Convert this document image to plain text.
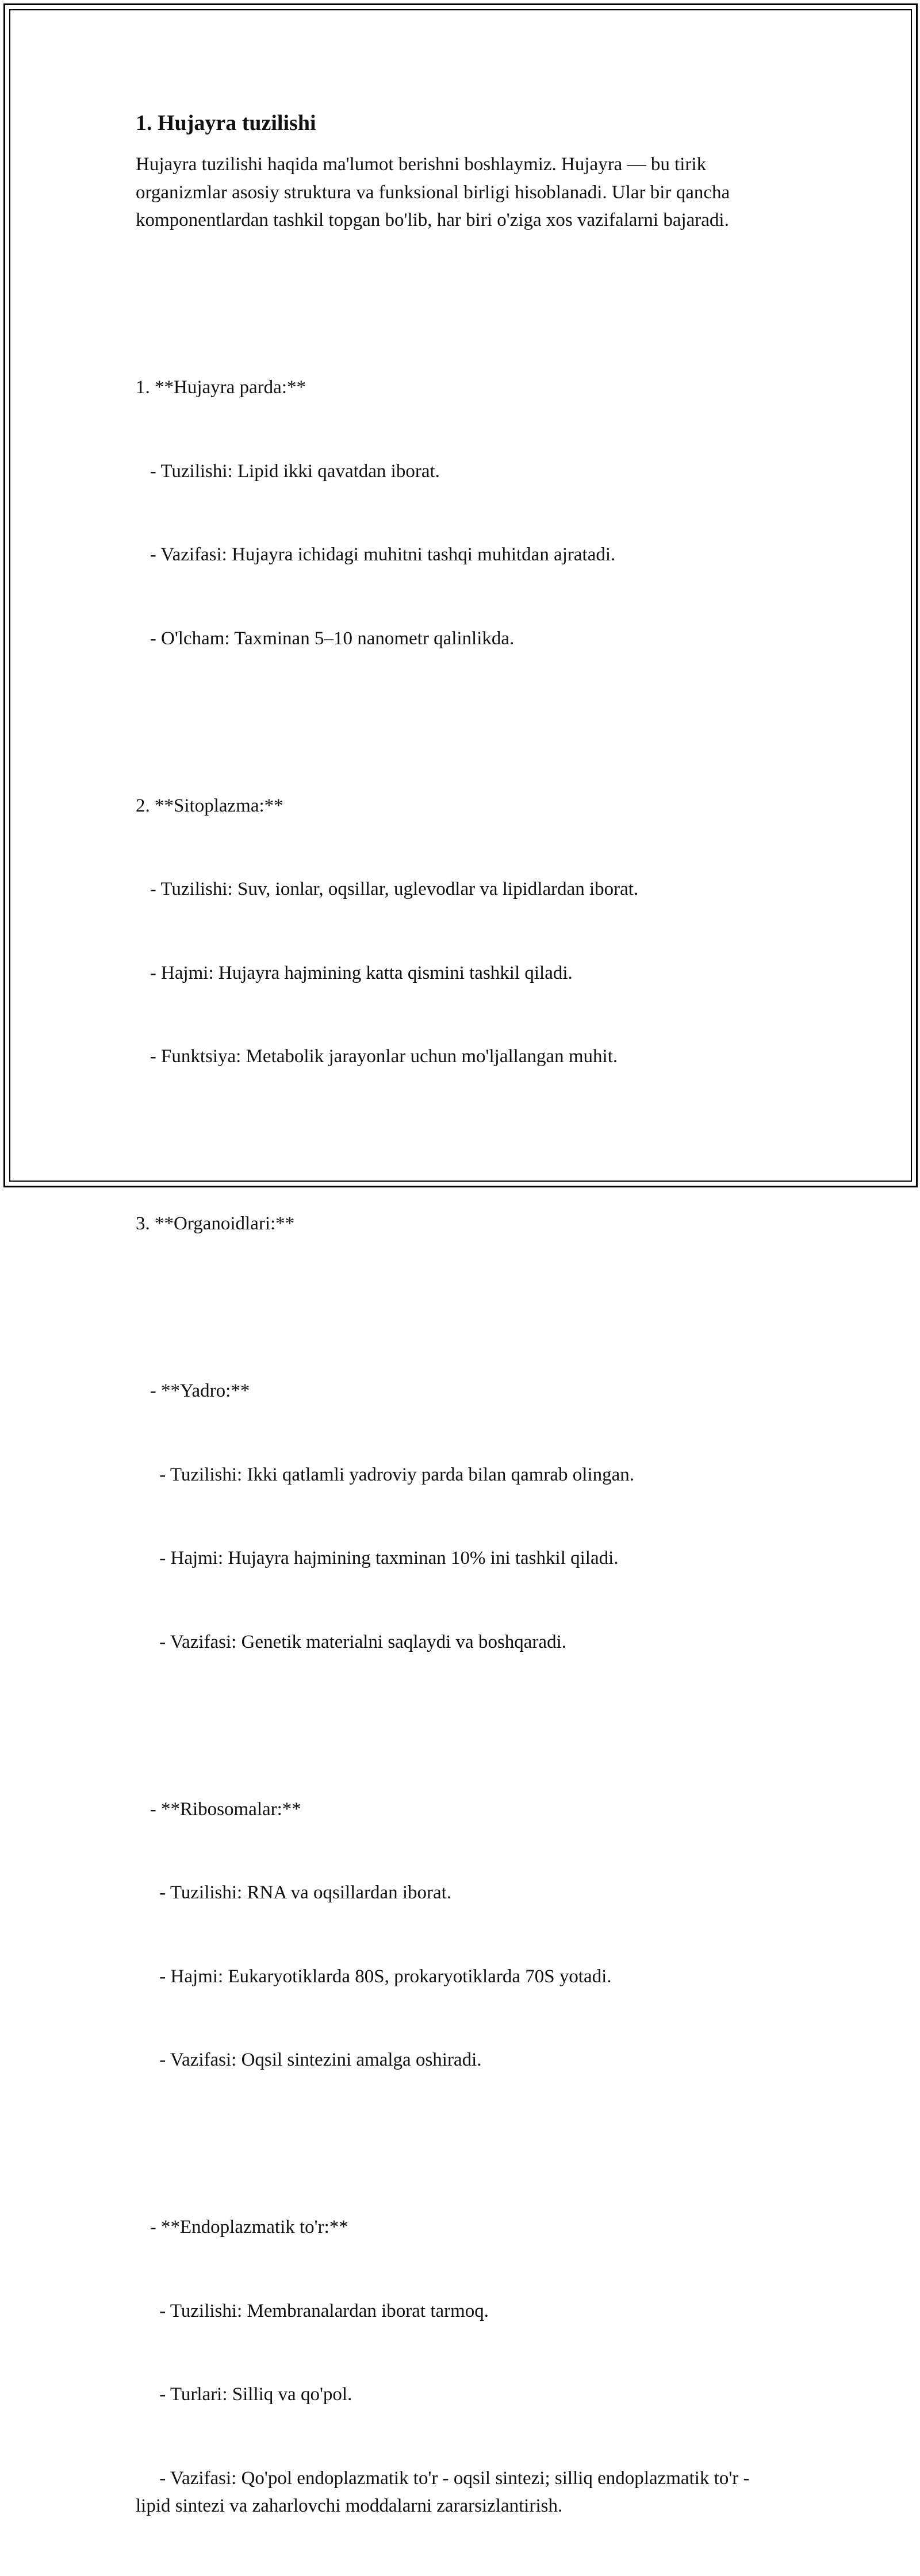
1. Hujayra tuzilishi

Hujayra tuzilishi haqida ma'lumot berishni boshlaymiz. Hujayra — bu tirik organizmlar asosiy struktura va funksional birligi hisoblanadi. Ular bir qancha komponentlardan tashkil topgan bo'lib, har biri o'ziga xos vazifalarni bajaradi.

1. **Hujayra parda:**

- Tuzilishi: Lipid ikki qavatdan iborat.

- Vazifasi: Hujayra ichidagi muhitni tashqi muhitdan ajratadi.

- O'lcham: Taxminan 5–10 nanometr qalinlikda.

2. **Sitoplazma:**

- Tuzilishi: Suv, ionlar, oqsillar, uglevodlar va lipidlardan iborat.

- Hajmi: Hujayra hajmining katta qismini tashkil qiladi.

- Funktsiya: Metabolik jarayonlar uchun mo'ljallangan muhit.

3. **Organoidlari:**

- **Yadro:**

- Tuzilishi: Ikki qatlamli yadroviy parda bilan qamrab olingan.

- Hajmi: Hujayra hajmining taxminan 10% ini tashkil qiladi.

- Vazifasi: Genetik materialni saqlaydi va boshqaradi.

- **Ribosomalar:**

- Tuzilishi: RNA va oqsillardan iborat.

- Hajmi: Eukaryotiklarda 80S, prokaryotiklarda 70S yotadi.

- Vazifasi: Oqsil sintezini amalga oshiradi.

- **Endoplazmatik to'r:**

- Tuzilishi: Membranalardan iborat tarmoq.

- Turlari: Silliq va qo'pol.

- Vazifasi: Qo'pol endoplazmatik to'r - oqsil sintezi; silliq endoplazmatik to'r - lipid sintezi va zaharlovchi moddalarni zararsizlantirish.
